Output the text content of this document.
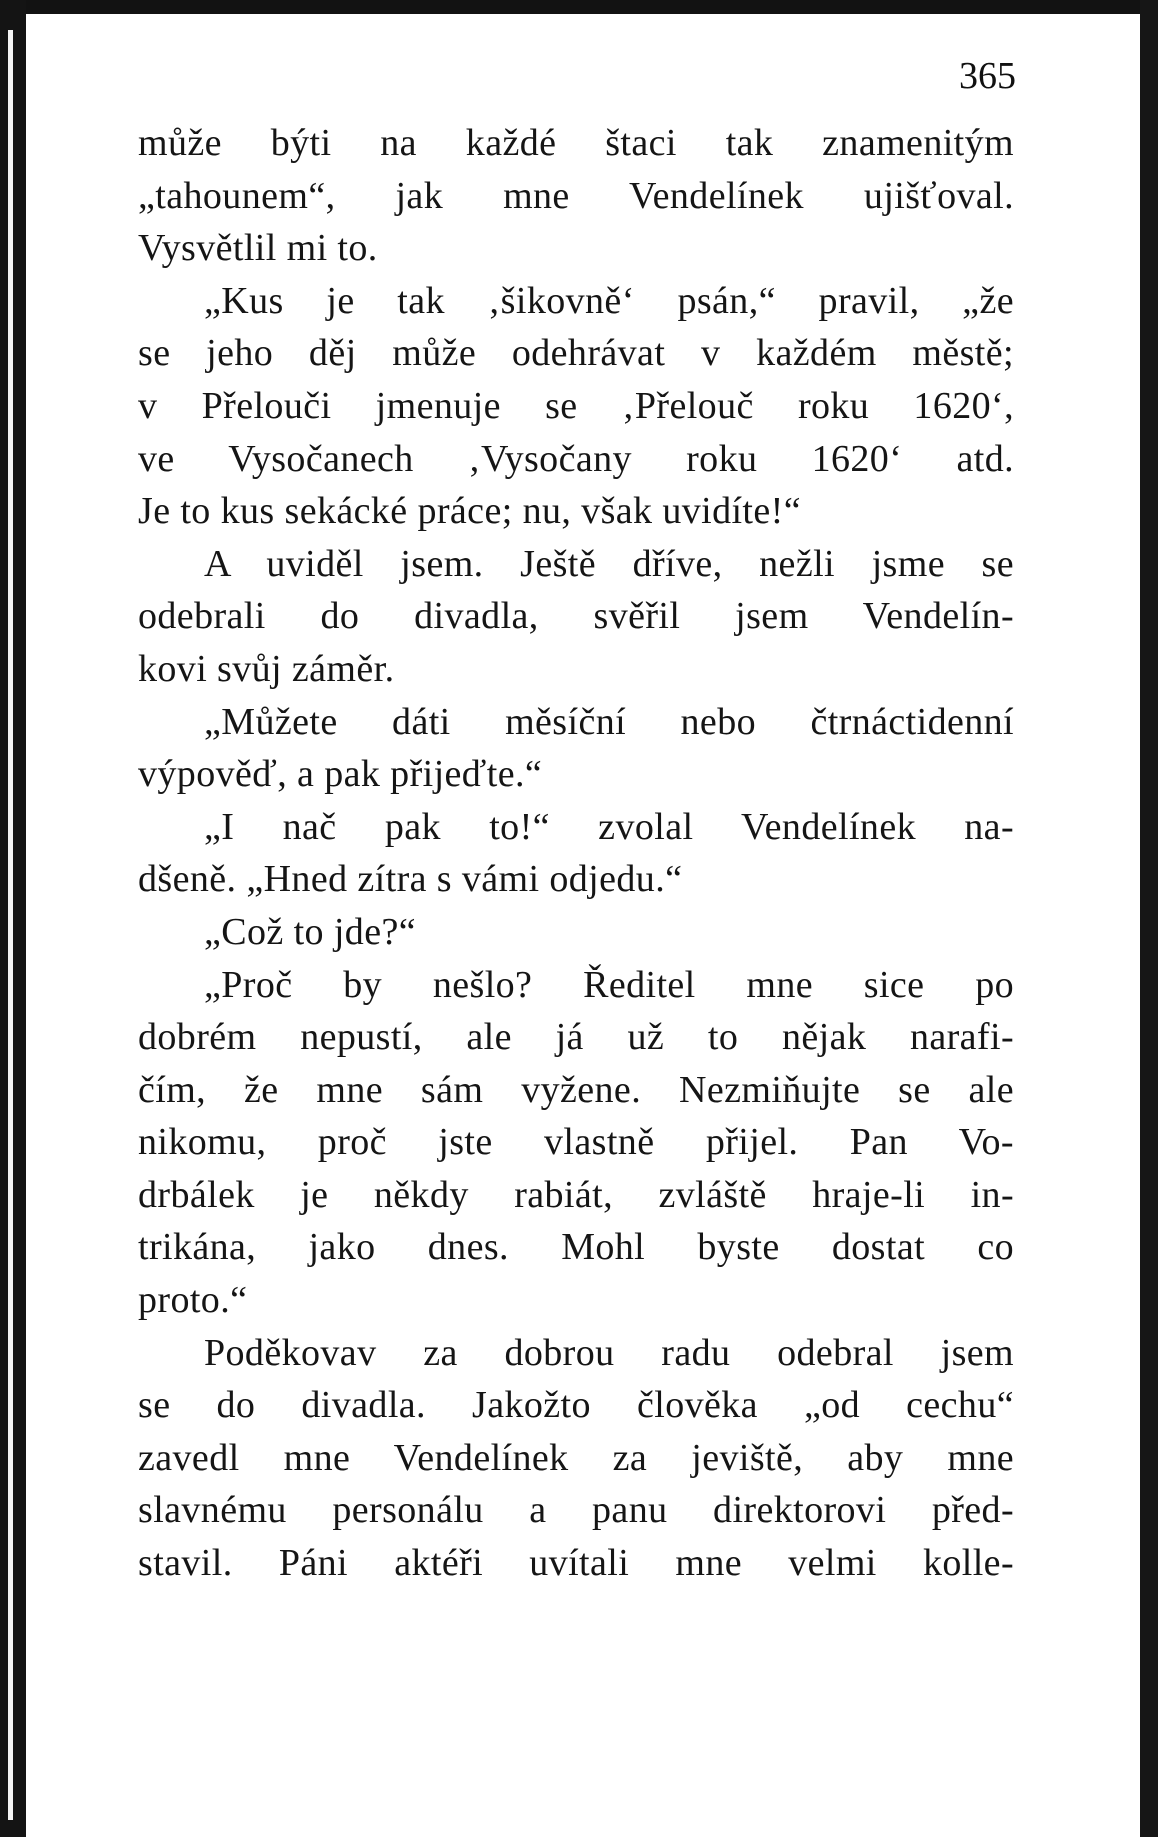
365
může býti na každé štaci tak znamenitým
„tahounem“, jak mne Vendelínek ujišťoval.
Vysvětlil mi to.
„Kus je tak ‚šikovně‘ psán,“ pravil, „že
se jeho děj může odehrávat v každém městě;
v Přelouči jmenuje se ‚Přelouč roku 1620‘,
ve Vysočanech ‚Vysočany roku 1620‘ atd.
Je to kus sekácké práce; nu, však uvidíte!“
A uviděl jsem. Ještě dříve, nežli jsme se
odebrali do divadla, svěřil jsem Vendelín-
kovi svůj záměr.
„Můžete dáti měsíční nebo čtrnáctidenní
výpověď, a pak přijeďte.“
„I nač pak to!“ zvolal Vendelínek na-
dšeně. „Hned zítra s vámi odjedu.“
„Což to jde?“
„Proč by nešlo? Ředitel mne sice po
dobrém nepustí, ale já už to nějak narafi-
čím, že mne sám vyžene. Nezmiňujte se ale
nikomu, proč jste vlastně přijel. Pan Vo-
drbálek je někdy rabiát, zvláště hraje-li in-
trikána, jako dnes. Mohl byste dostat co
proto.“
Poděkovav za dobrou radu odebral jsem
se do divadla. Jakožto člověka „od cechu“
zavedl mne Vendelínek za jeviště, aby mne
slavnému personálu a panu direktorovi před-
stavil. Páni aktéři uvítali mne velmi kolle-
